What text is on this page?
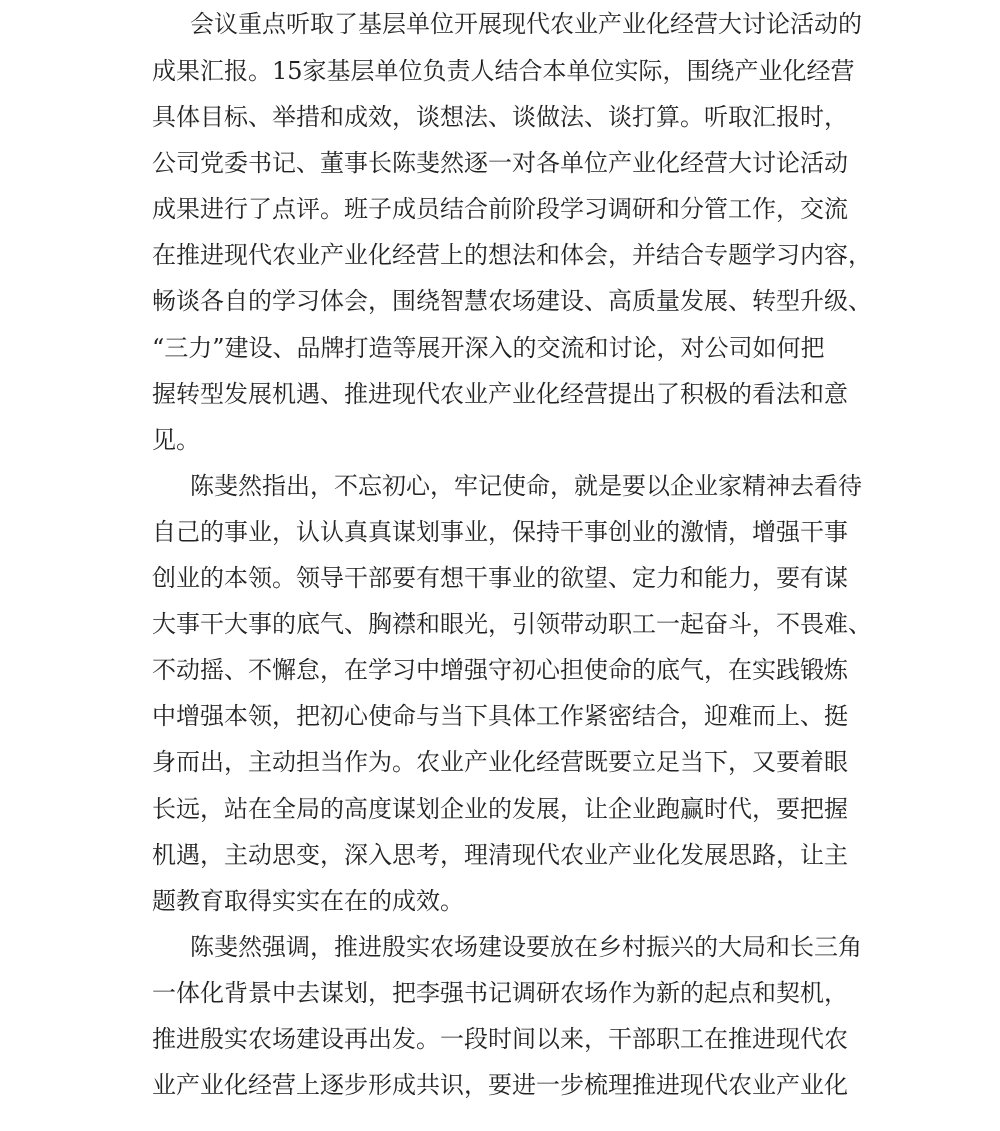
会议重点听取了基层单位开展现代农业产业化经营大讨论活动的
成果汇报。15家基层单位负责人结合本单位实际，围绕产业化经营
具体目标、举措和成效，谈想法、谈做法、谈打算。听取汇报时，
公司党委书记、董事长陈斐然逐一对各单位产业化经营大讨论活动
成果进行了点评。班子成员结合前阶段学习调研和分管工作，交流
在推进现代农业产业化经营上的想法和体会，并结合专题学习内容，
畅谈各自的学习体会，围绕智慧农场建设、高质量发展、转型升级、
“三力”建设、品牌打造等展开深入的交流和讨论，对公司如何把
握转型发展机遇、推进现代农业产业化经营提出了积极的看法和意
见。
陈斐然指出，不忘初心，牢记使命，就是要以企业家精神去看待
自己的事业，认认真真谋划事业，保持干事创业的激情，增强干事
创业的本领。领导干部要有想干事业的欲望、定力和能力，要有谋
大事干大事的底气、胸襟和眼光，引领带动职工一起奋斗，不畏难、
不动摇、不懈怠，在学习中增强守初心担使命的底气，在实践锻炼
中增强本领，把初心使命与当下具体工作紧密结合，迎难而上、挺
身而出，主动担当作为。农业产业化经营既要立足当下，又要着眼
长远，站在全局的高度谋划企业的发展，让企业跑赢时代，要把握
机遇，主动思变，深入思考，理清现代农业产业化发展思路，让主
题教育取得实实在在的成效。
陈斐然强调，推进殷实农场建设要放在乡村振兴的大局和长三角
一体化背景中去谋划，把李强书记调研农场作为新的起点和契机，
推进殷实农场建设再出发。一段时间以来，干部职工在推进现代农
业产业化经营上逐步形成共识，要进一步梳理推进现代农业产业化
